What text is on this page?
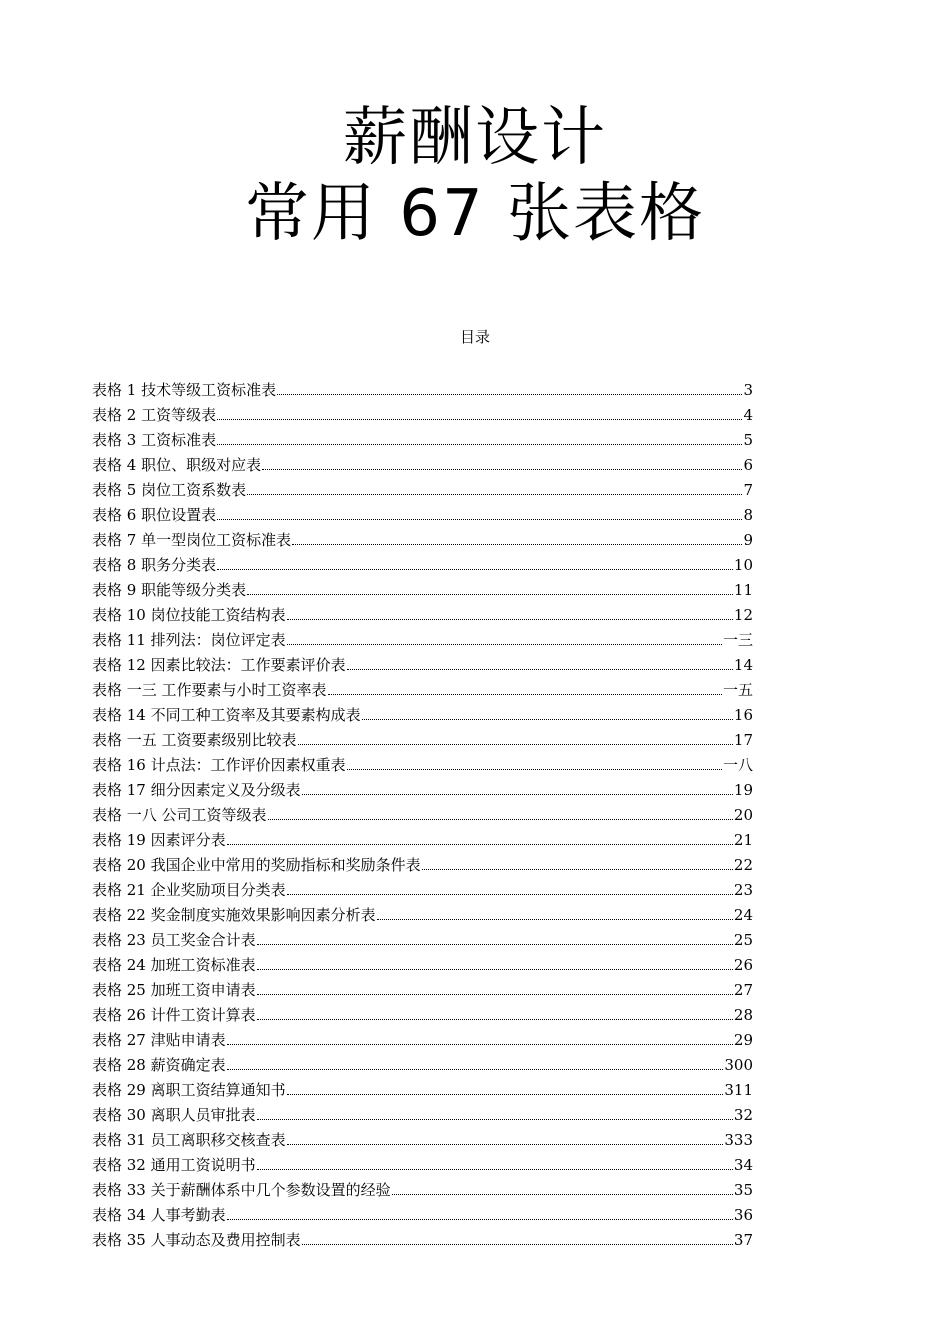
薪酬设计
常用 67 张表格
目录
表格 1 技术等级工资标准表	3
表格 2 工资等级表	4
表格 3 工资标准表	5
表格 4 职位、职级对应表	6
表格 5 岗位工资系数表	7
表格 6 职位设置表	8
表格 7 单一型岗位工资标准表	9
表格 8 职务分类表	10
表格 9 职能等级分类表	11
表格 10 岗位技能工资结构表	12
表格 11 排列法：岗位评定表	一三
表格 12 因素比较法：工作要素评价表	14
表格 一三 工作要素与小时工资率表	一五
表格 14 不同工种工资率及其要素构成表	16
表格 一五 工资要素级别比较表	17
表格 16 计点法：工作评价因素权重表	一八
表格 17 细分因素定义及分级表	19
表格 一八 公司工资等级表	20
表格 19 因素评分表	21
表格 20 我国企业中常用的奖励指标和奖励条件表	22
表格 21 企业奖励项目分类表	23
表格 22 奖金制度实施效果影响因素分析表	24
表格 23 员工奖金合计表	25
表格 24 加班工资标准表	26
表格 25 加班工资申请表	27
表格 26 计件工资计算表	28
表格 27 津贴申请表	29
表格 28 薪资确定表	300
表格 29 离职工资结算通知书	311
表格 30 离职人员审批表	32
表格 31 员工离职移交核查表	333
表格 32 通用工资说明书	34
表格 33 关于薪酬体系中几个参数设置的经验	35
表格 34 人事考勤表	36
表格 35 人事动态及费用控制表	37
